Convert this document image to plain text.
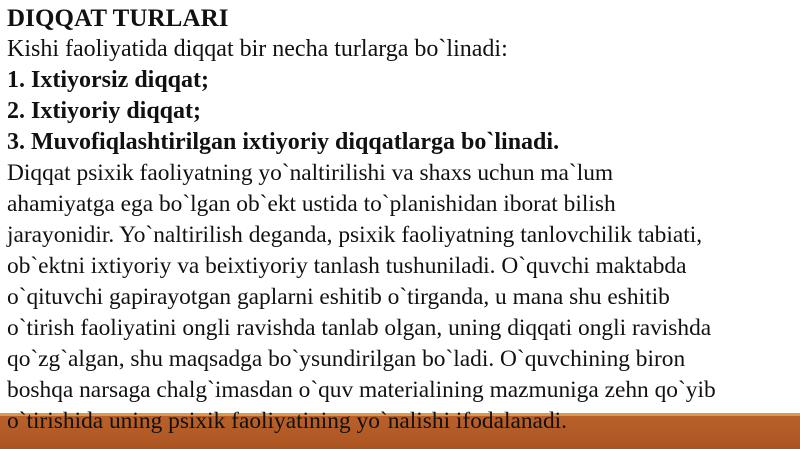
DIQQAT TURLARI

Kishi faoliyatida diqqat bir necha turlarga bo`linadi:

1. Ixtiyorsiz diqqat;

2. Ixtiyoriy diqqat;

3. Muvofiqlashtirilgan ixtiyoriy diqqatlarga bo`linadi.

Diqqat psixik faoliyatning yo`naltirilishi va shaxs uchun ma`lum
ahamiyatga ega bo`lgan ob`ekt ustida to`planishidan iborat bilish
jarayonidir. Yo`naltirilish deganda, psixik faoliyatning tanlovchilik tabiati,
ob`ektni ixtiyoriy va beixtiyoriy tanlash tushuniladi. O`quvchi maktabda
o`qituvchi gapirayotgan gaplarni eshitib o`tirganda, u mana shu eshitib
o`tirish faoliyatini ongli ravishda tanlab olgan, uning diqqati ongli ravishda
qo`zg`algan, shu maqsadga bo`ysundirilgan bo`ladi. O`quvchining biron
boshqa narsaga chalg`imasdan o`quv materialining mazmuniga zehn qo`yib
o`tirishida uning psixik faoliyatining yo`nalishi ifodalanadi.
